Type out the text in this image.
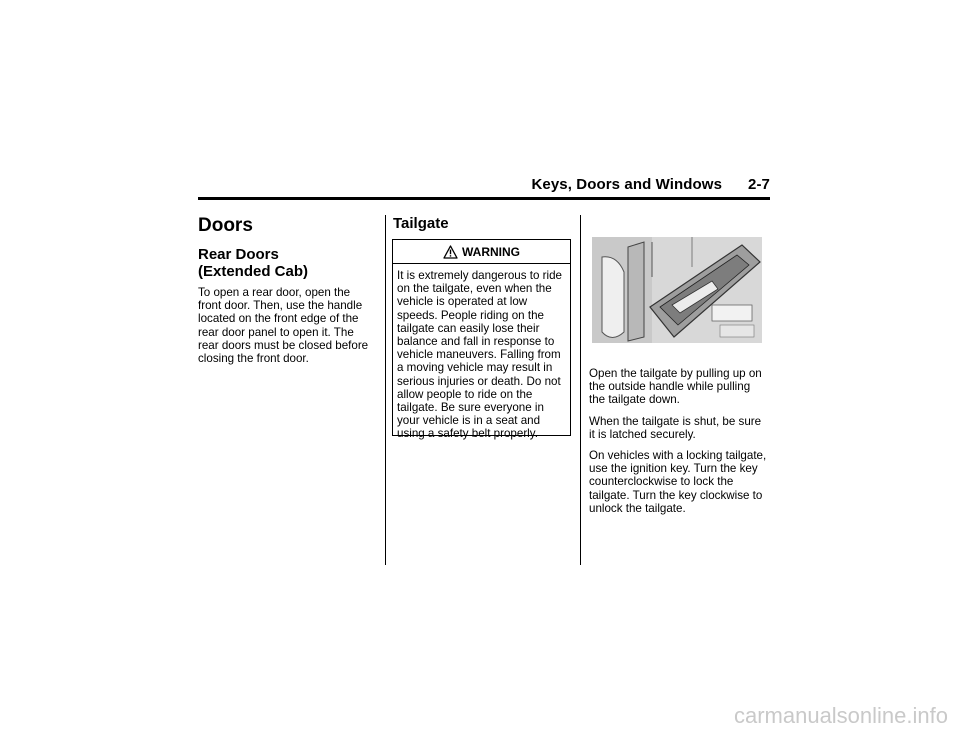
Keys, Doors and Windows 2-7
Doors
Rear Doors
(Extended Cab)
To open a rear door, open the front door. Then, use the handle located on the front edge of the rear door panel to open it. The rear doors must be closed before closing the front door.
Tailgate
WARNING
It is extremely dangerous to ride on the tailgate, even when the vehicle is operated at low speeds. People riding on the tailgate can easily lose their balance and fall in response to vehicle maneuvers. Falling from a moving vehicle may result in serious injuries or death. Do not allow people to ride on the tailgate. Be sure everyone in your vehicle is in a seat and using a safety belt properly.
Open the tailgate by pulling up on the outside handle while pulling the tailgate down.
When the tailgate is shut, be sure it is latched securely.
On vehicles with a locking tailgate, use the ignition key. Turn the key counterclockwise to lock the tailgate. Turn the key clockwise to unlock the tailgate.
carmanualsonline.info
